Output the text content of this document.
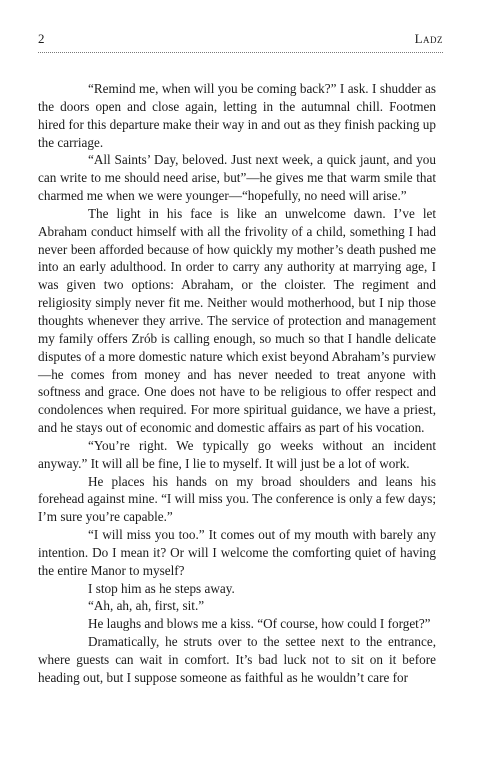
2	Ladz

“Remind me, when will you be coming back?” I ask. I shudder as the doors open and close again, letting in the autumnal chill. Footmen hired for this departure make their way in and out as they finish packing up the carriage.

“All Saints’ Day, beloved. Just next week, a quick jaunt, and you can write to me should need arise, but”—he gives me that warm smile that charmed me when we were younger—“hopefully, no need will arise.”

The light in his face is like an unwelcome dawn. I’ve let Abraham conduct himself with all the frivolity of a child, something I had never been afforded because of how quickly my mother’s death pushed me into an early adulthood. In order to carry any authority at marrying age, I was given two options: Abraham, or the cloister. The regiment and religiosity simply never fit me. Neither would motherhood, but I nip those thoughts whenever they arrive. The service of protection and management my family offers Zrób is calling enough, so much so that I handle delicate disputes of a more domestic nature which exist beyond Abraham’s purview—he comes from money and has never needed to treat anyone with softness and grace. One does not have to be religious to offer respect and condolences when required. For more spiritual guidance, we have a priest, and he stays out of economic and domestic affairs as part of his vocation.

“You’re right. We typically go weeks without an incident anyway.” It will all be fine, I lie to myself. It will just be a lot of work.

He places his hands on my broad shoulders and leans his forehead against mine. “I will miss you. The conference is only a few days; I’m sure you’re capable.”

“I will miss you too.” It comes out of my mouth with barely any intention. Do I mean it? Or will I welcome the comforting quiet of having the entire Manor to myself?

I stop him as he steps away.

“Ah, ah, ah, first, sit.”

He laughs and blows me a kiss. “Of course, how could I forget?”

Dramatically, he struts over to the settee next to the entrance, where guests can wait in comfort. It’s bad luck not to sit on it before heading out, but I suppose someone as faithful as he wouldn’t care for
